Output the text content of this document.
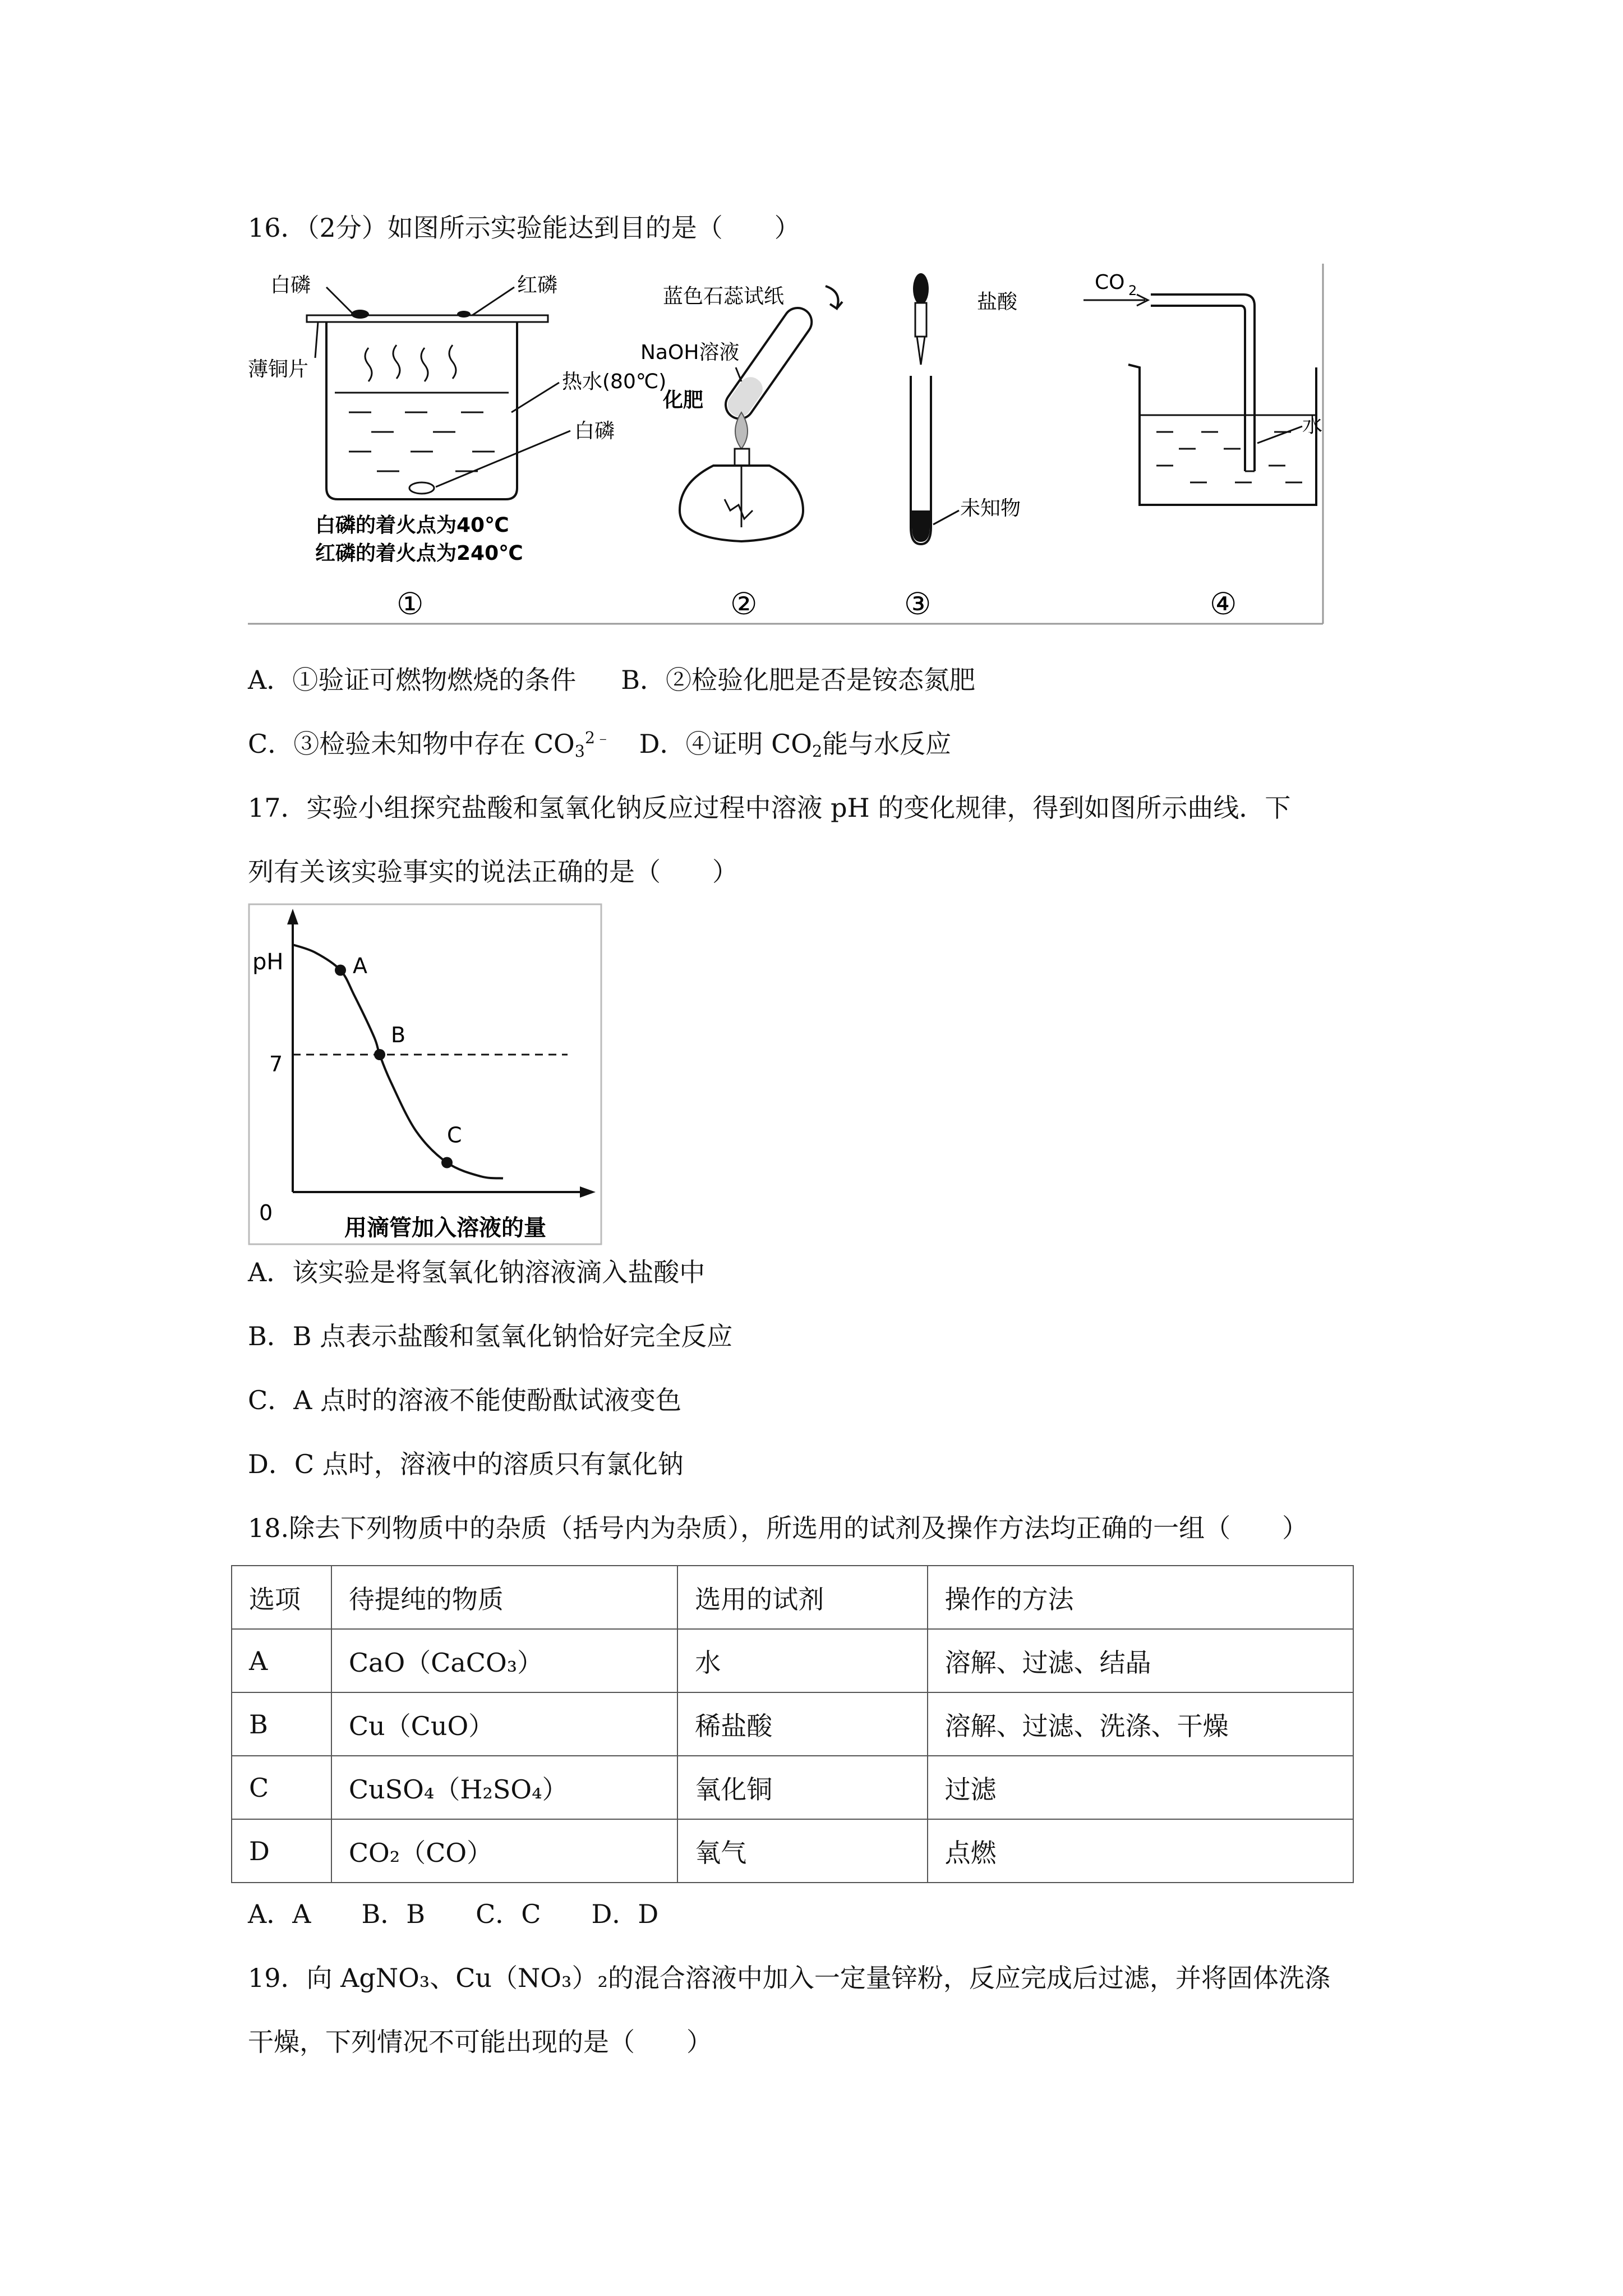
16．（2分）如图所示实验能达到目的是（　　）
白磷	红磷
薄铜片
热水(80℃)
白磷
白磷的着火点为40℃
红磷的着火点为240℃
①
蓝色石蕊试纸
NaOH溶液
化肥
②
盐酸
未知物
③
CO 2
水
④
A．①验证可燃物燃烧的条件 B．②检验化肥是否是铵态氮肥
C．③检验未知物中存在 $CO_3^{2﹣}$ D．④证明 $CO_2$能与水反应
17．实验小组探究盐酸和氢氧化钠反应过程中溶液 pH 的变化规律，得到如图所示曲线．下
列有关该实验事实的说法正确的是（　　）
A
B
C
pH
7
0
用滴管加入溶液的量
A．该实验是将氢氧化钠溶液滴入盐酸中
B．B 点表示盐酸和氢氧化钠恰好完全反应
C．A 点时的溶液不能使酚酞试液变色
D．C 点时，溶液中的溶质只有氯化钠
18.除去下列物质中的杂质（括号内为杂质），所选用的试剂及操作方法均正确的一组（　　）
选项	待提纯的物质	选用的试剂	操作的方法
A	CaO（CaCO₃）	水	溶解、过滤、结晶
B	Cu（CuO）	稀盐酸	溶解、过滤、洗涤、干燥
C	CuSO₄（H₂SO₄）	氧化铜	过滤
D	CO₂（CO）	氧气	点燃
A．A B．B C．C D．D
19．向 AgNO₃、Cu（NO₃）₂的混合溶液中加入一定量锌粉，反应完成后过滤，并将固体洗涤
干燥，下列情况不可能出现的是（　　）
